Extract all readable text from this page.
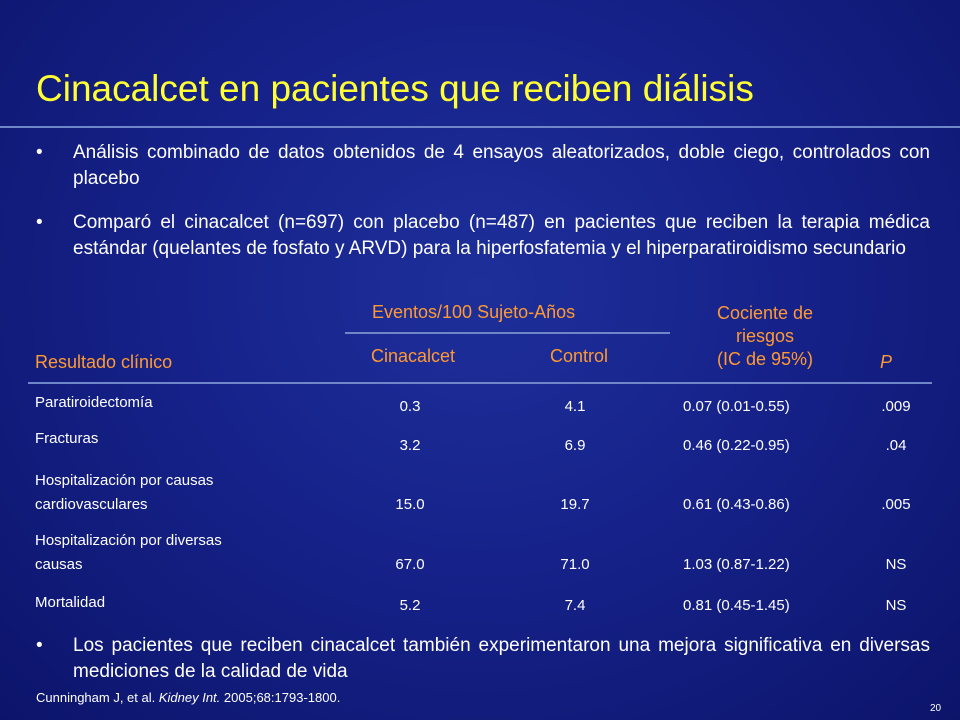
Cinacalcet en pacientes que reciben diálisis
•	Análisis combinado de datos obtenidos de 4 ensayos aleatorizados, doble ciego, controlados con placebo
•	Comparó el cinacalcet (n=697) con placebo (n=487) en pacientes que reciben la terapia médica estándar (quelantes de fosfato y ARVD) para la hiperfosfatemia y el hiperparatiroidismo secundario
Resultado clínico
Eventos/100 Sujeto-Años
Cinacalcet	Control
Cociente de
riesgos
(IC de 95%)	P
Paratiroidectomía	0.3	4.1	0.07 (0.01-0.55)	.009
Fracturas	3.2	6.9	0.46 (0.22-0.95)	.04
Hospitalización por causas
cardiovasculares	15.0	19.7	0.61 (0.43-0.86)	.005
Hospitalización por diversas
causas	67.0	71.0	1.03 (0.87-1.22)	NS
Mortalidad	5.2	7.4	0.81 (0.45-1.45)	NS
•	Los pacientes que reciben cinacalcet también experimentaron una mejora significativa en diversas mediciones de la calidad de vida
Cunningham J, et al. Kidney Int. 2005;68:1793-1800.
20
